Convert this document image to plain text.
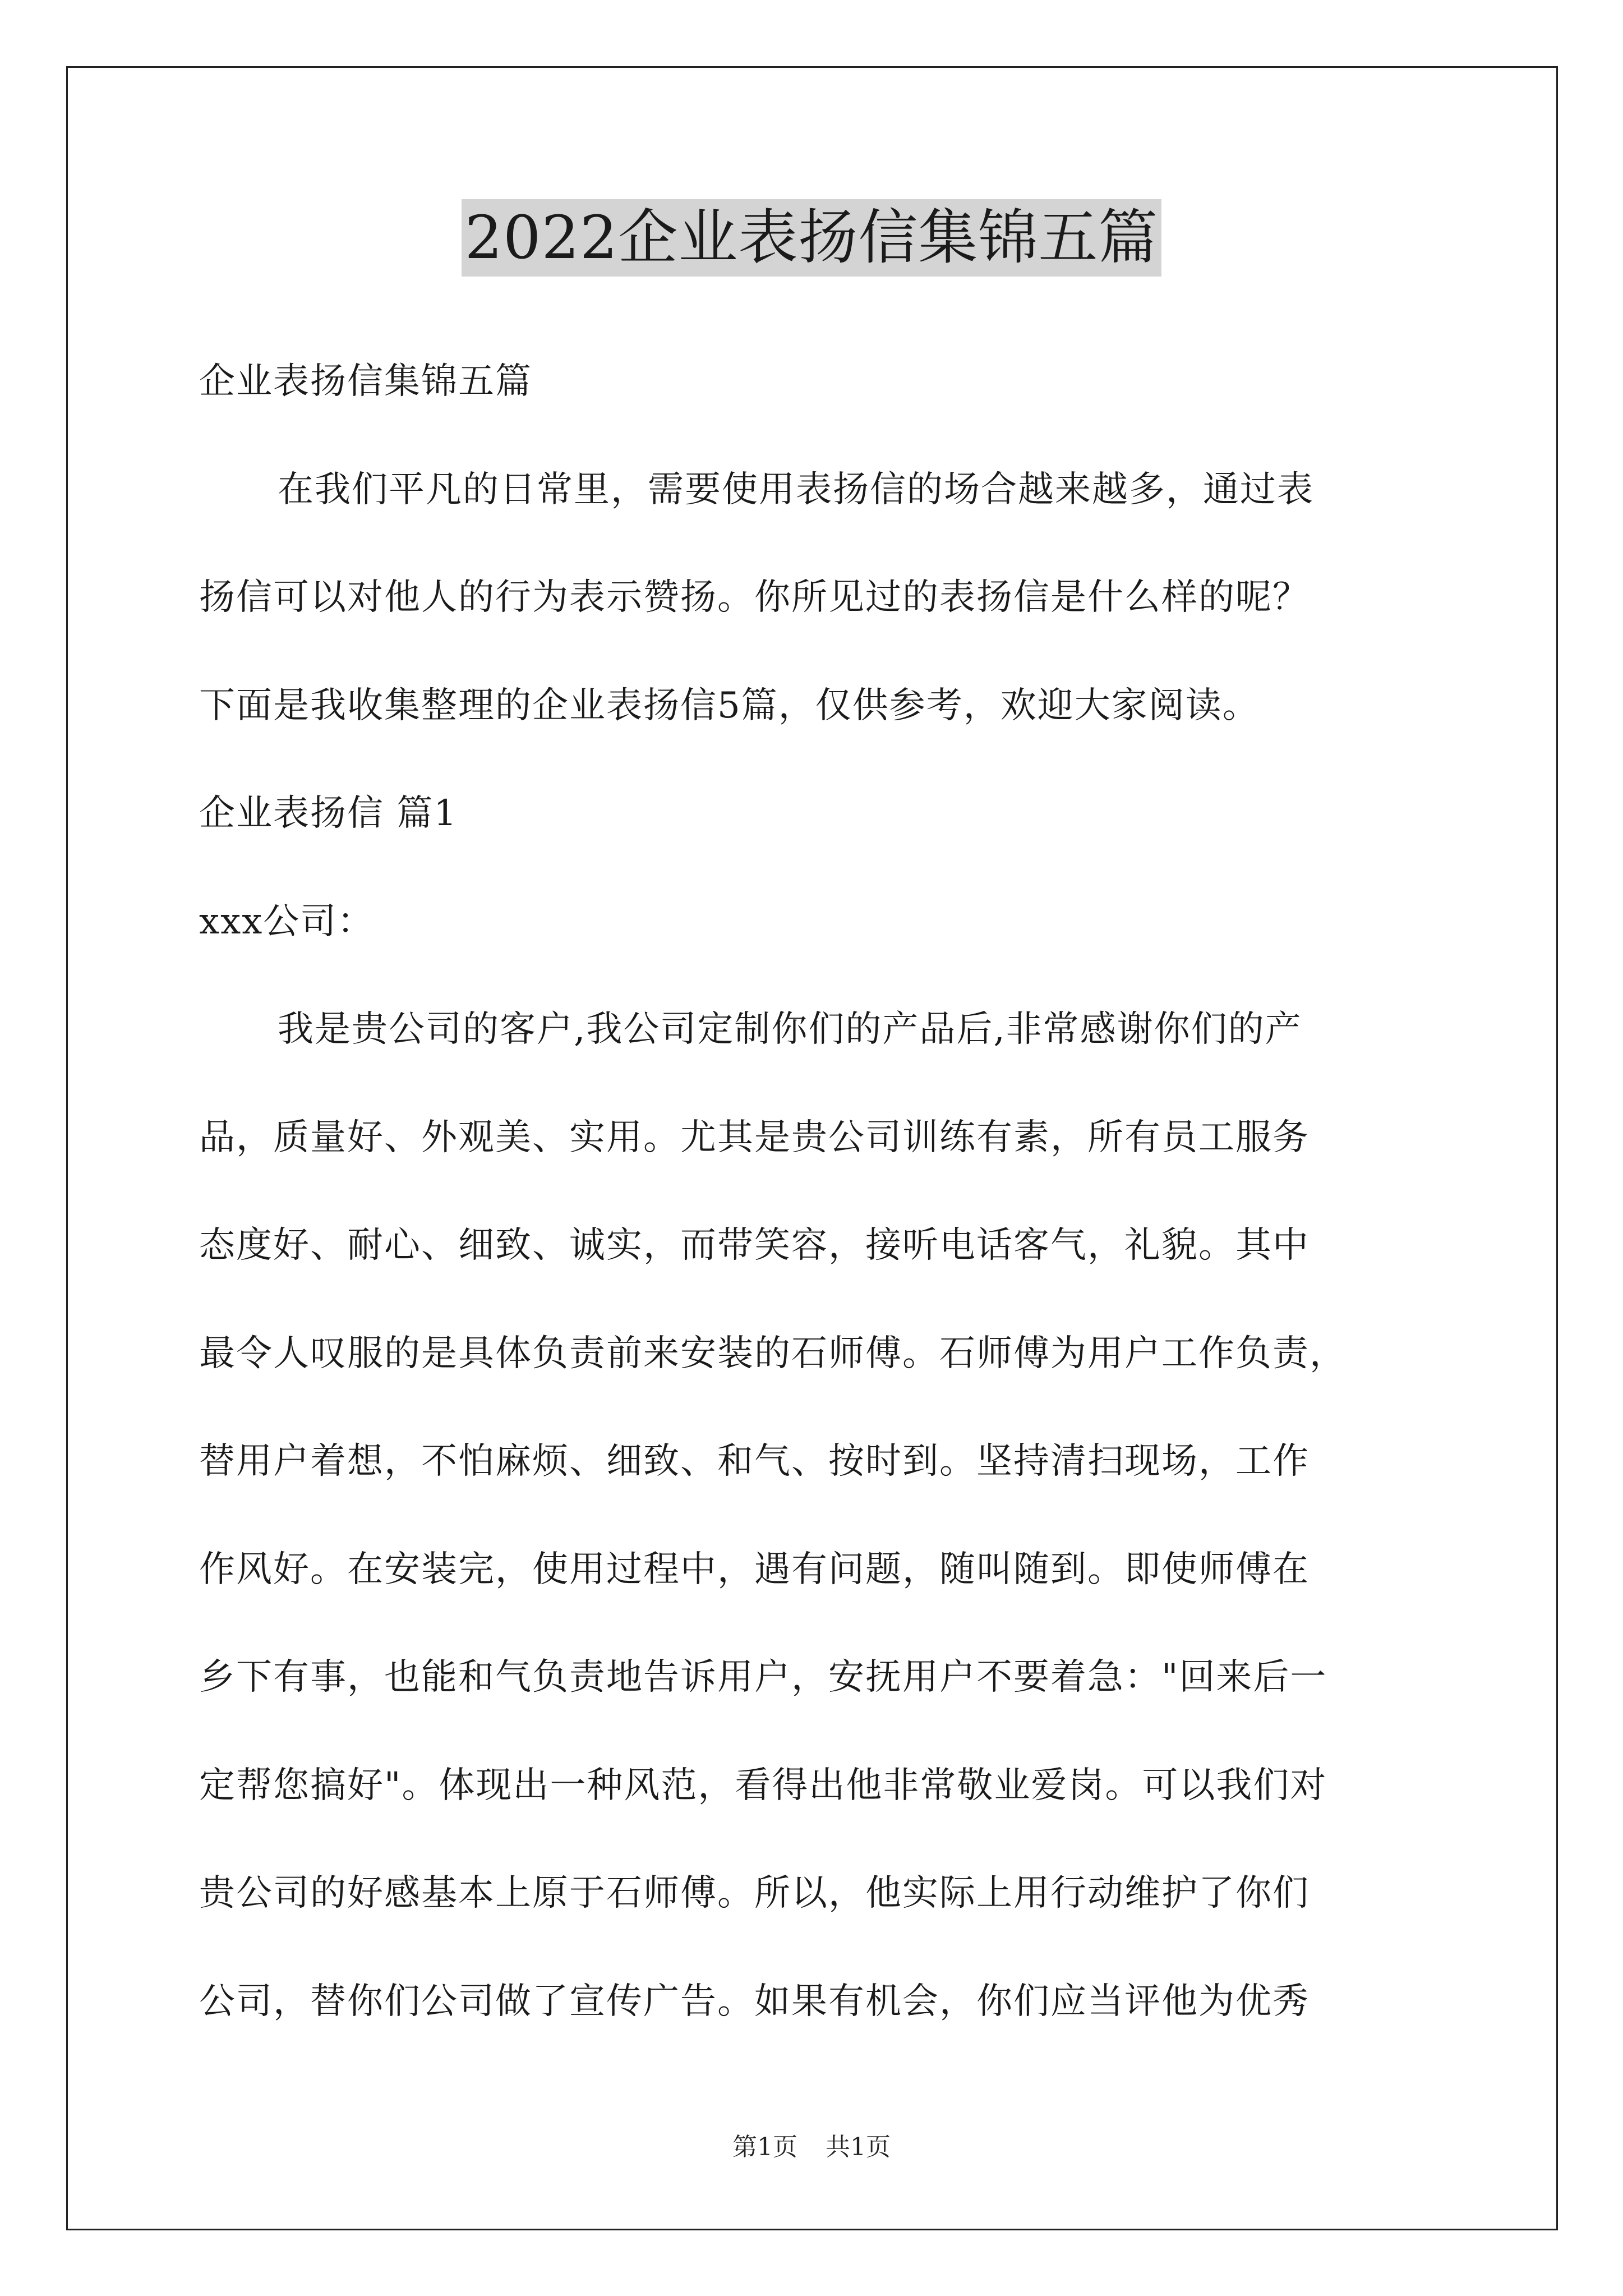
2022企业表扬信集锦五篇
企业表扬信集锦五篇
在我们平凡的日常里，需要使用表扬信的场合越来越多，通过表
扬信可以对他人的行为表示赞扬。你所见过的表扬信是什么样的呢？
下面是我收集整理的企业表扬信5篇，仅供参考，欢迎大家阅读。
企业表扬信 篇1
xxx公司：
我是贵公司的客户,我公司定制你们的产品后,非常感谢你们的产
品，质量好、外观美、实用。尤其是贵公司训练有素，所有员工服务
态度好、耐心、细致、诚实，而带笑容，接听电话客气，礼貌。其中
最令人叹服的是具体负责前来安装的石师傅。石师傅为用户工作负责，
替用户着想，不怕麻烦、细致、和气、按时到。坚持清扫现场，工作
作风好。在安装完，使用过程中，遇有问题，随叫随到。即使师傅在
乡下有事，也能和气负责地告诉用户，安抚用户不要着急："回来后一
定帮您搞好"。体现出一种风范，看得出他非常敬业爱岗。可以我们对
贵公司的好感基本上原于石师傅。所以，他实际上用行动维护了你们
公司，替你们公司做了宣传广告。如果有机会，你们应当评他为优秀
第1页 共1页
